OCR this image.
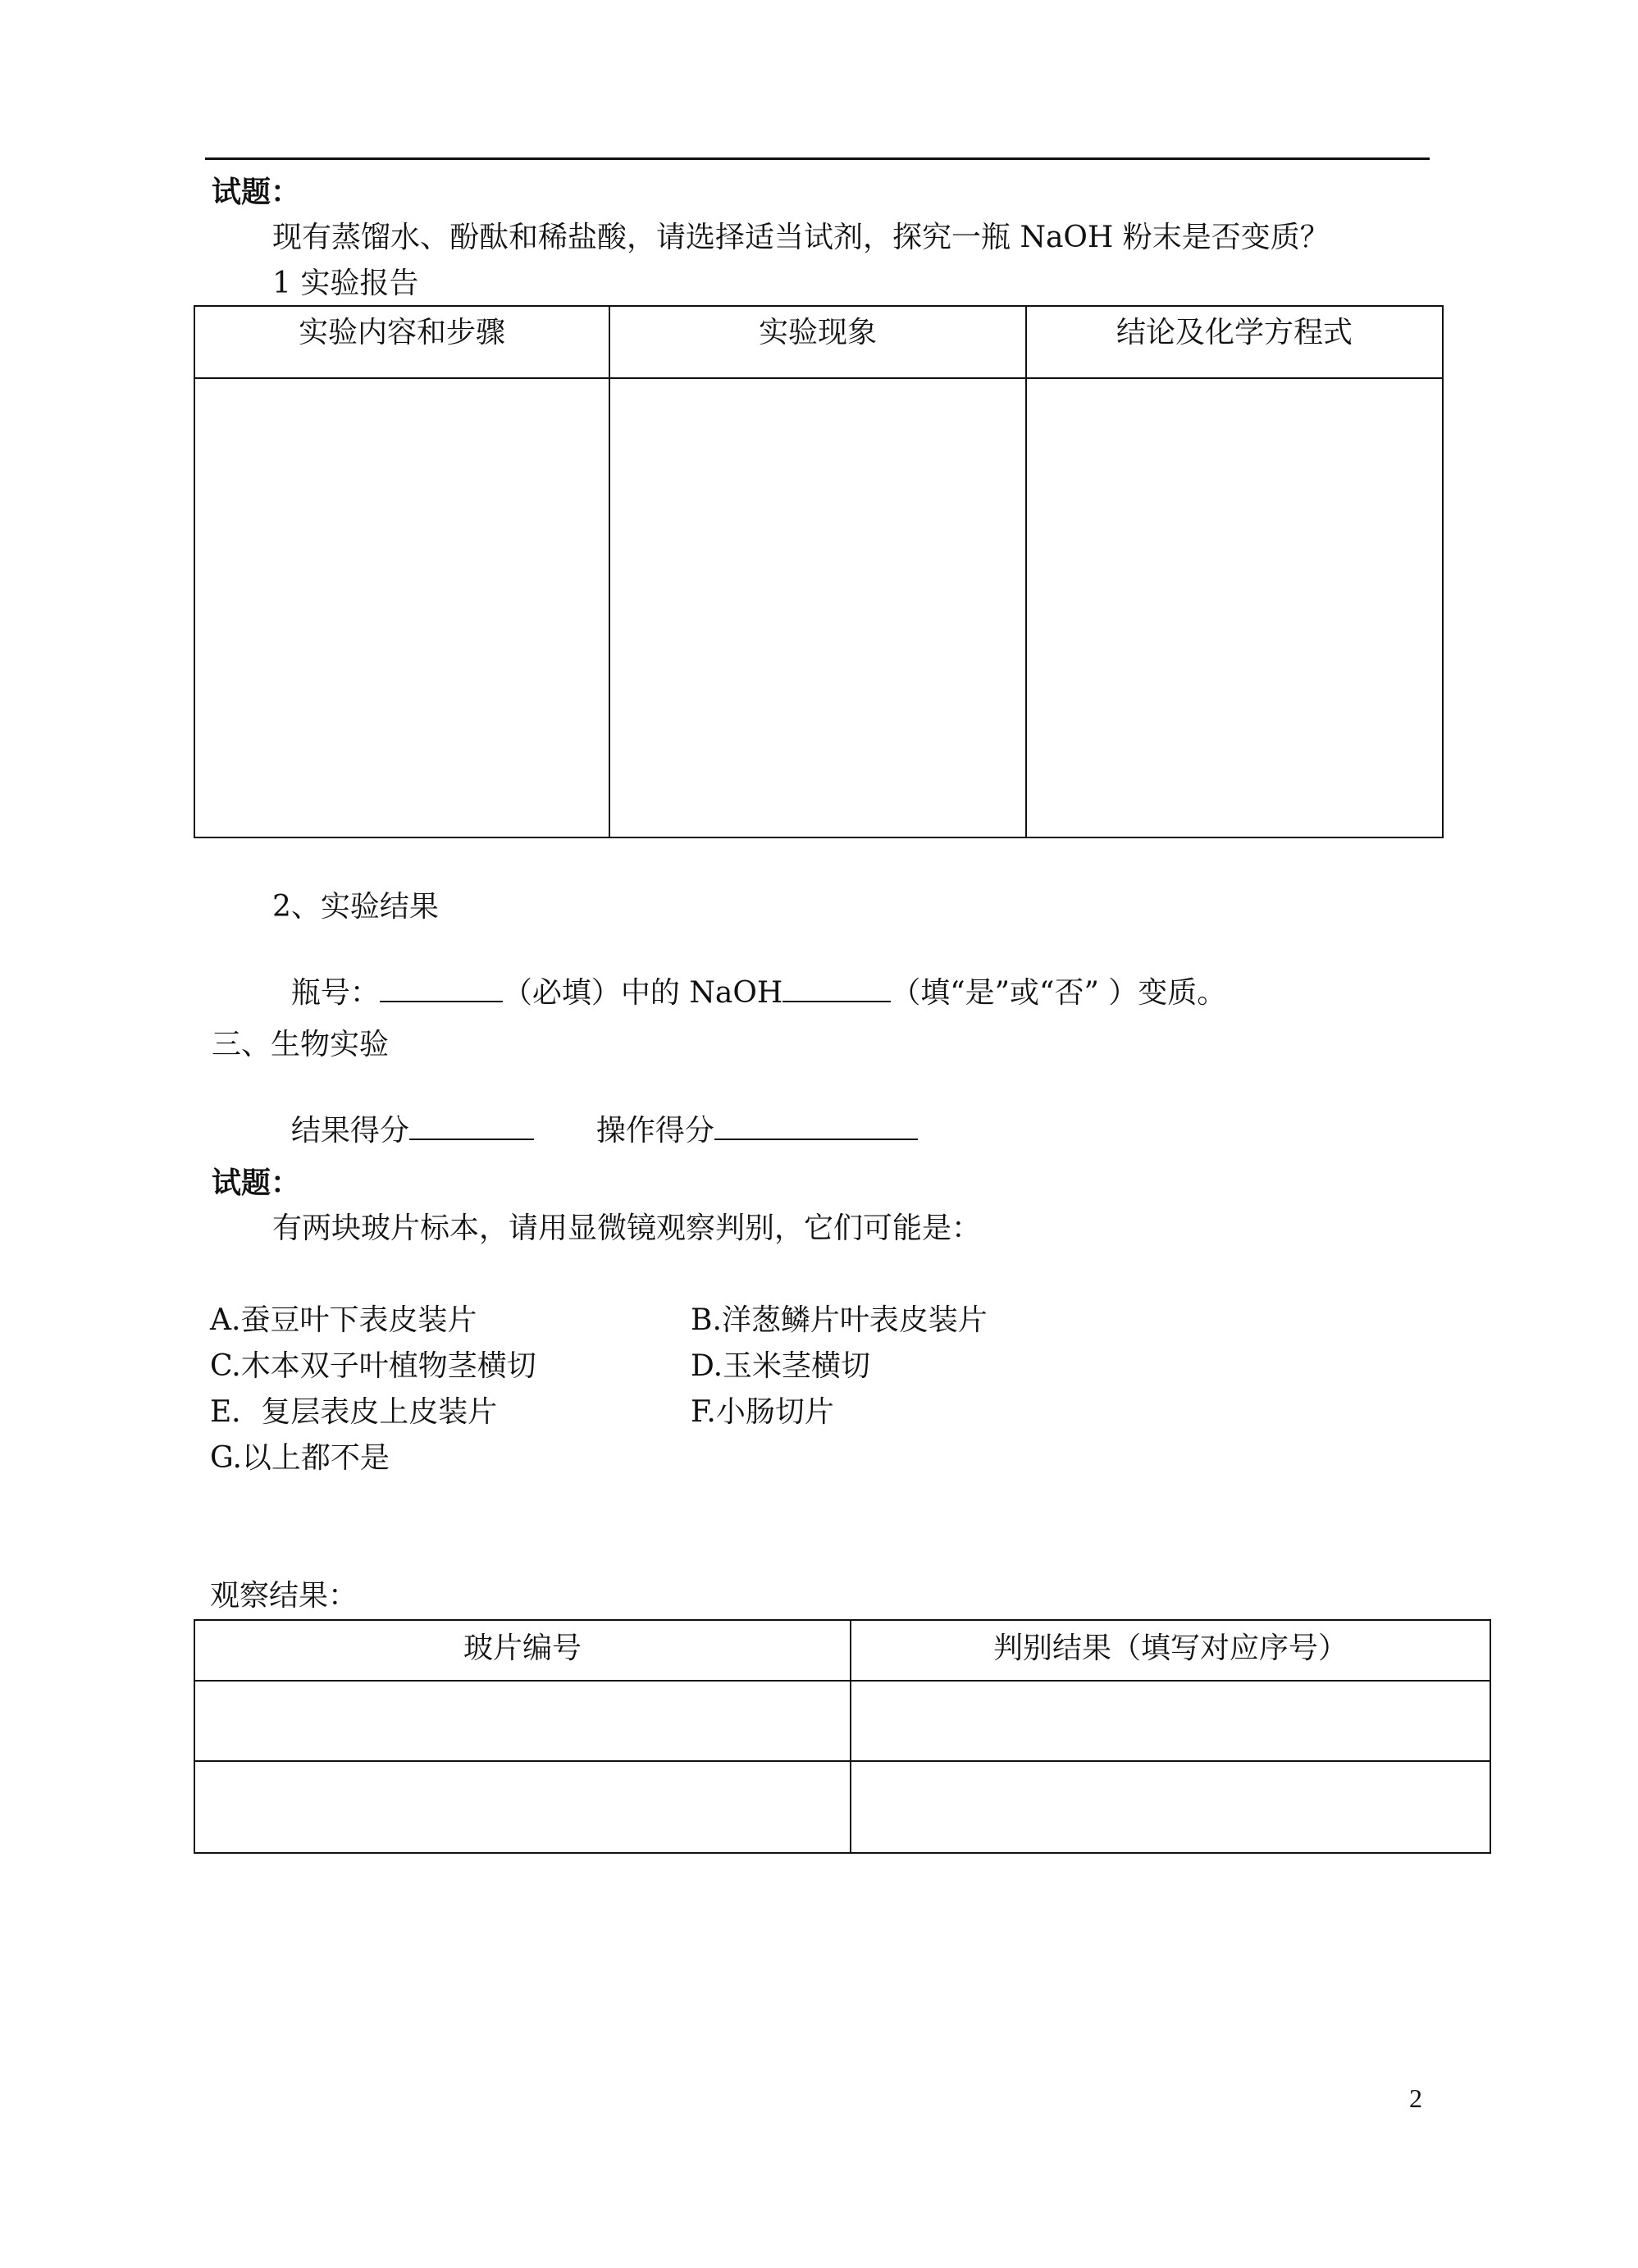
试题：
现有蒸馏水、酚酞和稀盐酸，请选择适当试剂，探究一瓶 NaOH 粉末是否变质？
1 实验报告
实验内容和步骤	实验现象	结论及化学方程式

2、实验结果

瓶号：	（必填）中的 NaOH	（填“是”或“否” ）变质。

三、生物实验

结果得分	操作得分

试题：
有两块玻片标本，请用显微镜观察判别，它们可能是：
A.蚕豆叶下表皮装片	B.洋葱鳞片叶表皮装片
C.木本双子叶植物茎横切	D.玉米茎横切
E．复层表皮上皮装片	F.小肠切片
G.以上都不是
观察结果：
玻片编号	判别结果（填写对应序号）

2
